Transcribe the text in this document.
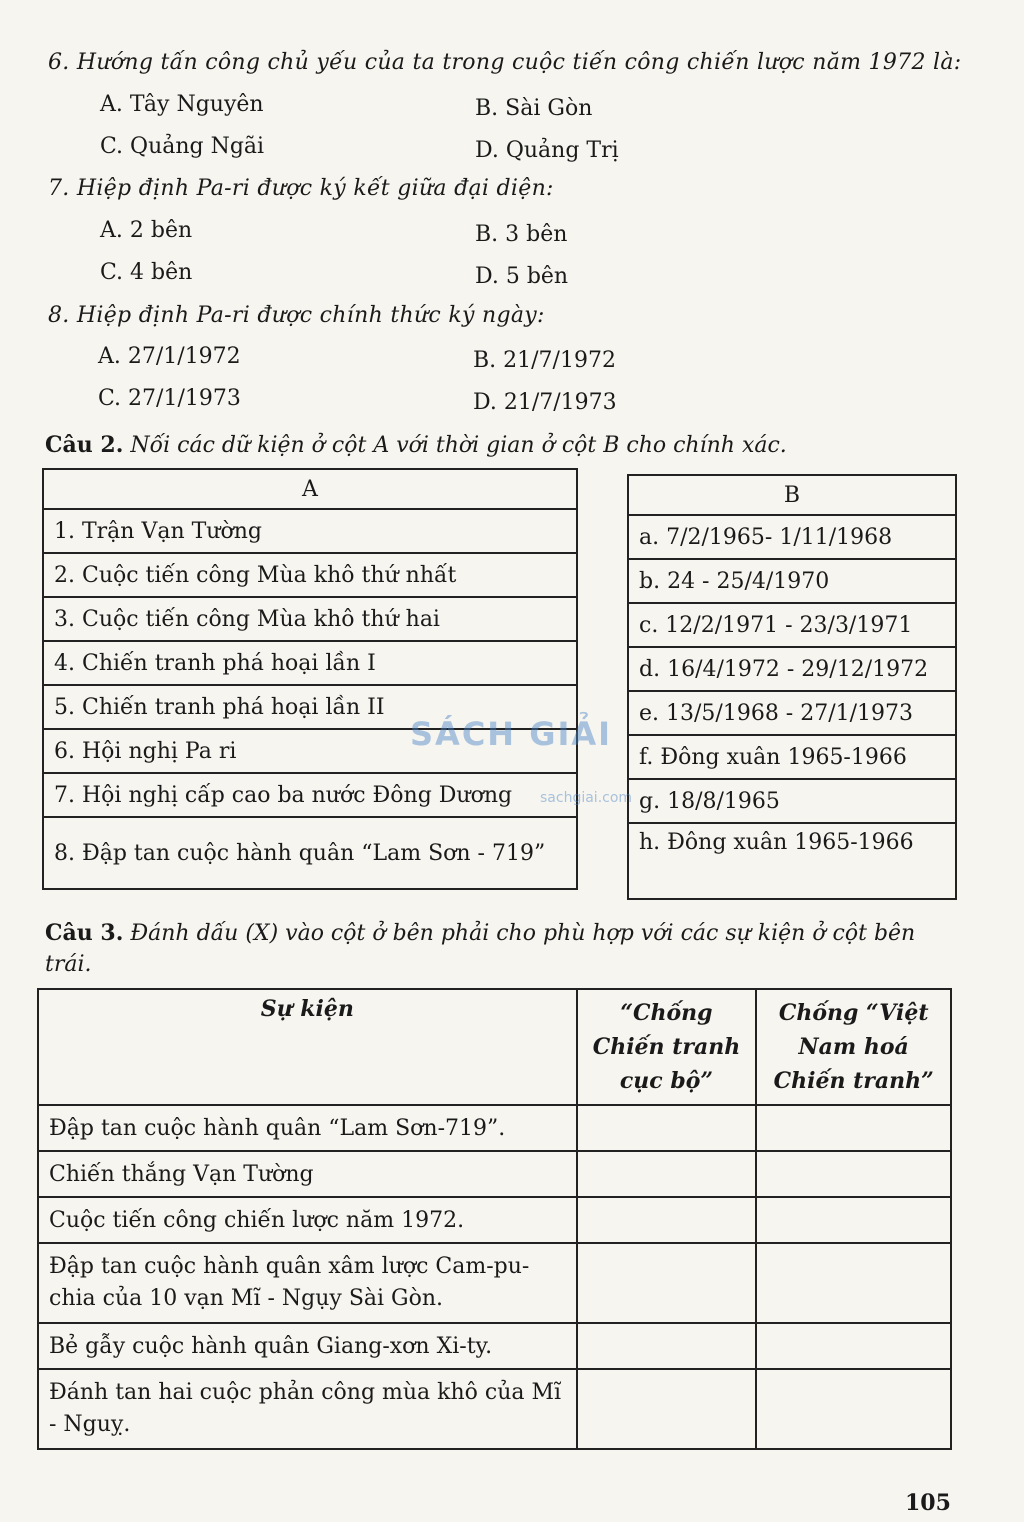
6. Hướng tấn công chủ yếu của ta trong cuộc tiến công chiến lược năm 1972 là:
A. Tây Nguyên	B. Sài Gòn
C. Quảng Ngãi	D. Quảng Trị
7. Hiệp định Pa-ri được ký kết giữa đại diện:
A. 2 bên	B. 3 bên
C. 4 bên	D. 5 bên
8. Hiệp định Pa-ri được chính thức ký ngày:
A. 27/1/1972	B. 21/7/1972
C. 27/1/1973	D. 21/7/1973
Câu 2. Nối các dữ kiện ở cột A với thời gian ở cột B cho chính xác.
A
1. Trận Vạn Tường
2. Cuộc tiến công Mùa khô thứ nhất
3. Cuộc tiến công Mùa khô thứ hai
4. Chiến tranh phá hoại lần I
5. Chiến tranh phá hoại lần II
6. Hội nghị Pa ri
7. Hội nghị cấp cao ba nước Đông Dương
8. Đập tan cuộc hành quân “Lam Sơn - 719”
B
a. 7/2/1965- 1/11/1968
b. 24 - 25/4/1970
c. 12/2/1971 - 23/3/1971
d. 16/4/1972 - 29/12/1972
e. 13/5/1968 - 27/1/1973
f. Đông xuân 1965-1966
g. 18/8/1965
h. Đông xuân 1965-1966
SÁCH GIẢI
sachgiai.com
Câu 3. Đánh dấu (X) vào cột ở bên phải cho phù hợp với các sự kiện ở cột bên trái.
Sự kiện	“Chống Chiến tranh cục bộ”	Chống “Việt Nam hoá Chiến tranh”
Đập tan cuộc hành quân “Lam Sơn-719”.		
Chiến thắng Vạn Tường		
Cuộc tiến công chiến lược năm 1972.		
Đập tan cuộc hành quân xâm lược Cam-pu-chia của 10 vạn Mĩ - Ngụy Sài Gòn.		
Bẻ gẫy cuộc hành quân Giang-xơn Xi-ty.		
Đánh tan hai cuộc phản công mùa khô của Mĩ - Nguỵ.		
105
